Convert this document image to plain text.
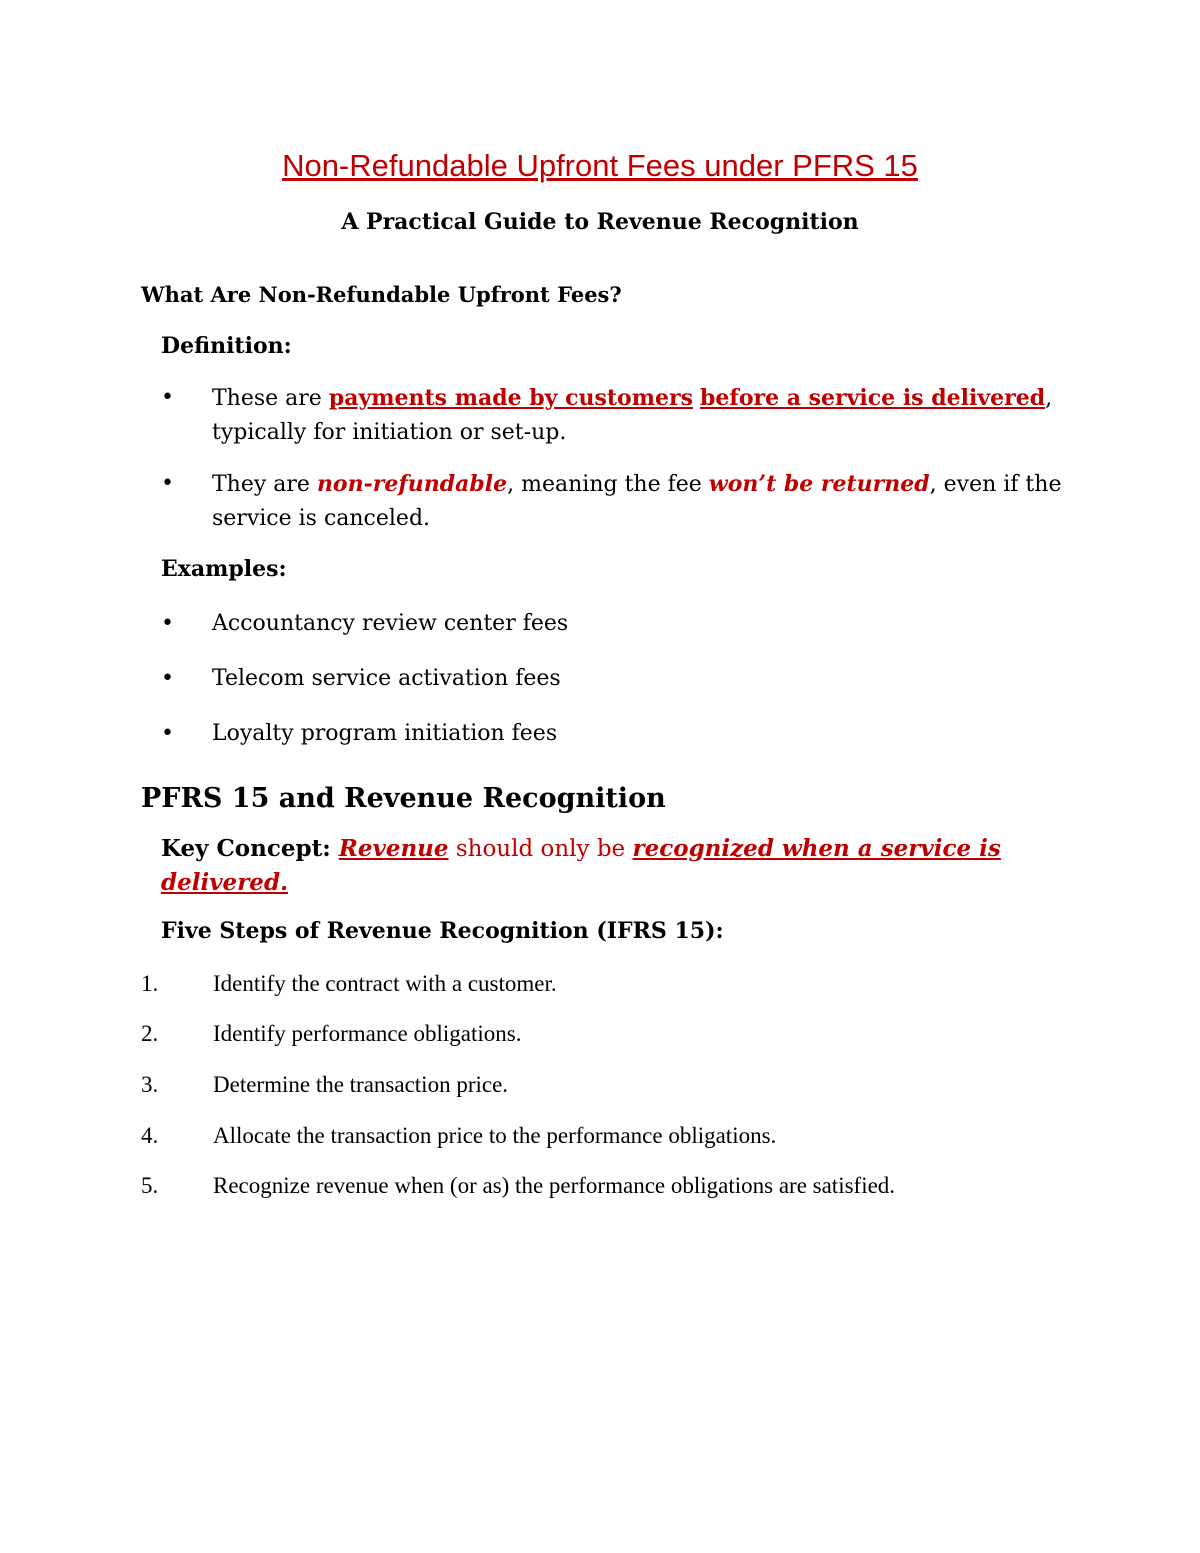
Non-Refundable Upfront Fees under PFRS 15
A Practical Guide to Revenue Recognition
What Are Non-Refundable Upfront Fees?
Definition:
•	These are payments made by customers before a service is delivered, typically for initiation or set-up.
•	They are non-refundable, meaning the fee won’t be returned, even if the service is canceled.
Examples:
•	Accountancy review center fees
•	Telecom service activation fees
•	Loyalty program initiation fees
PFRS 15 and Revenue Recognition
Key Concept: Revenue should only be recognized when a service is delivered.
Five Steps of Revenue Recognition (IFRS 15):
1. Identify the contract with a customer.
2. Identify performance obligations.
3. Determine the transaction price.
4. Allocate the transaction price to the performance obligations.
5. Recognize revenue when (or as) the performance obligations are satisfied.
